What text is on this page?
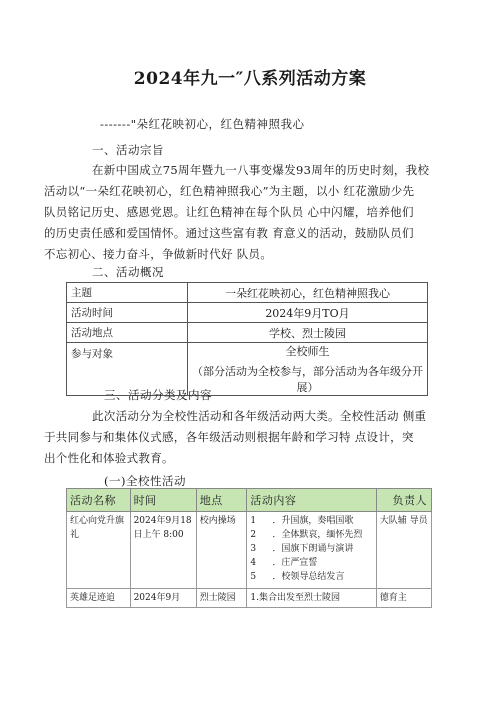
2024年九一″八系列活动方案
-------"朵红花映初心，红色精神照我心
一、活动宗旨
在新中国成立75周年暨九一八事变爆发93周年的历史时刻，我校
活动以“一朵红花映初心，红色精神照我心”为主题，以小 红花激励少先
队员铭记历史、感恩党恩。让红色精神在每个队员 心中闪耀，培养他们
的历史责任感和爱国情怀。通过这些富有教 育意义的活动，鼓励队员们
不忘初心、接力奋斗，争做新时代好 队员。
二、活动概况
主题	一朵红花映初心，红色精神照我心
活动时间	2024年9月TO月
活动地点	学校、烈士陵园
参与对象	全校师生
（部分活动为全校参与，部分活动为各年级分开展）
三、活动分类及内容
此次活动分为全校性活动和各年级活动两大类。全校性活动 侧重
于共同参与和集体仪式感，各年级活动则根据年龄和学习特 点设计，突
出个性化和体验式教育。
(一)全校性活动
活动名称	时间	地点	活动内容	负责人
红心向党升旗礼	2024年9月18日上午 8:00	校内操场	1 ．升国旗，奏唱国歌
2 ．全体默哀，缅怀先烈
3 ．国旗下朗诵与演讲
4 ．庄严宣誓
5 ．校领导总结发言	大队辅 导员
英雄足迹追	2024年9月	烈士陵园	1.集合出发至烈士陵园	德育主
